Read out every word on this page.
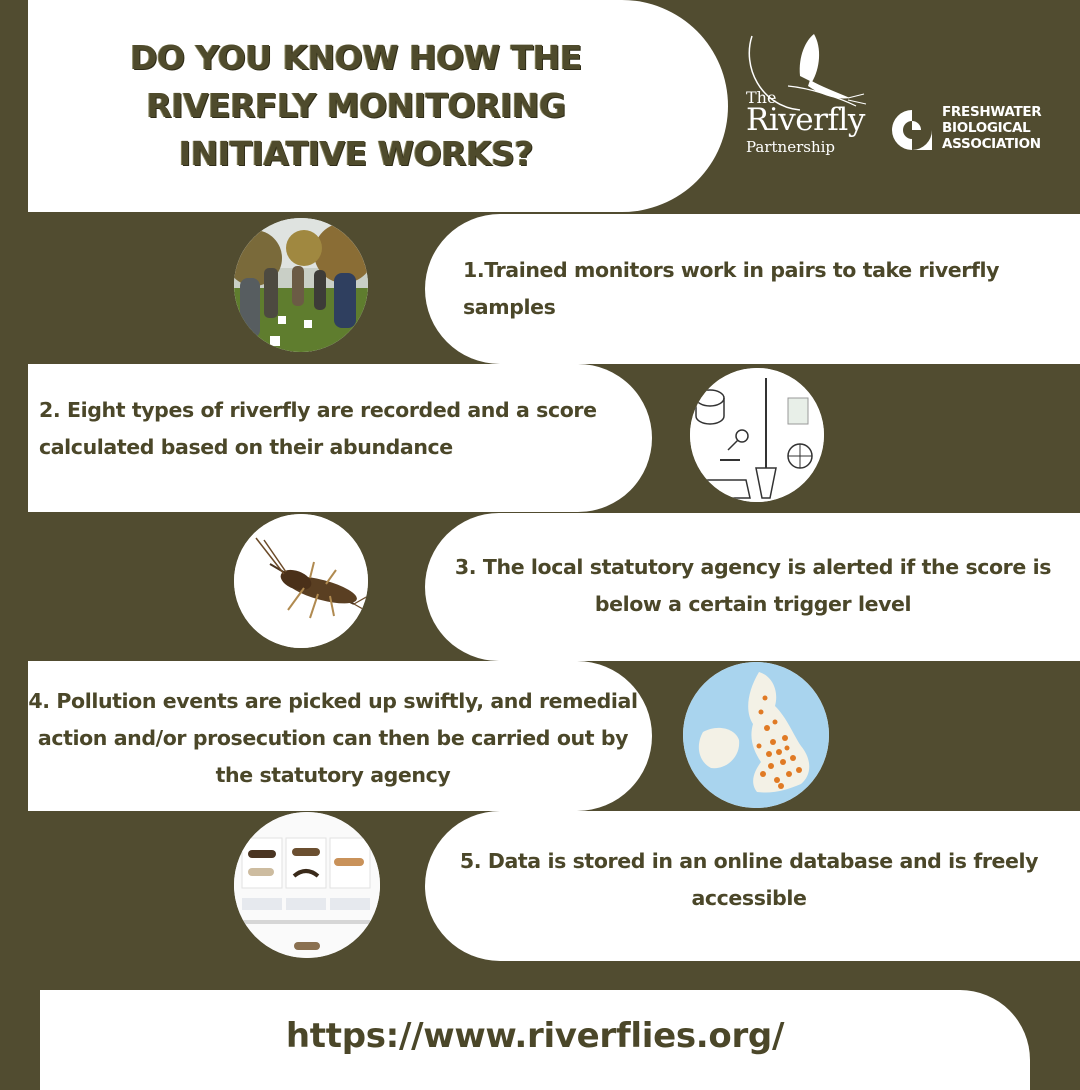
DO YOU KNOW HOW THE
RIVERFLY MONITORING
INITIATIVE WORKS?
The
Riverfly
Partnership
FRESHWATER
BIOLOGICAL
ASSOCIATION
1.Trained monitors work in pairs to take riverfly samples
2. Eight types of riverfly are recorded and a score calculated based on their abundance
3. The local statutory agency is alerted if the score is below a certain trigger level
4. Pollution events are picked up swiftly, and remedial action and/or prosecution can then be carried out by the statutory agency
5. Data is stored in an online database and is freely accessible
https://www.riverflies.org/
